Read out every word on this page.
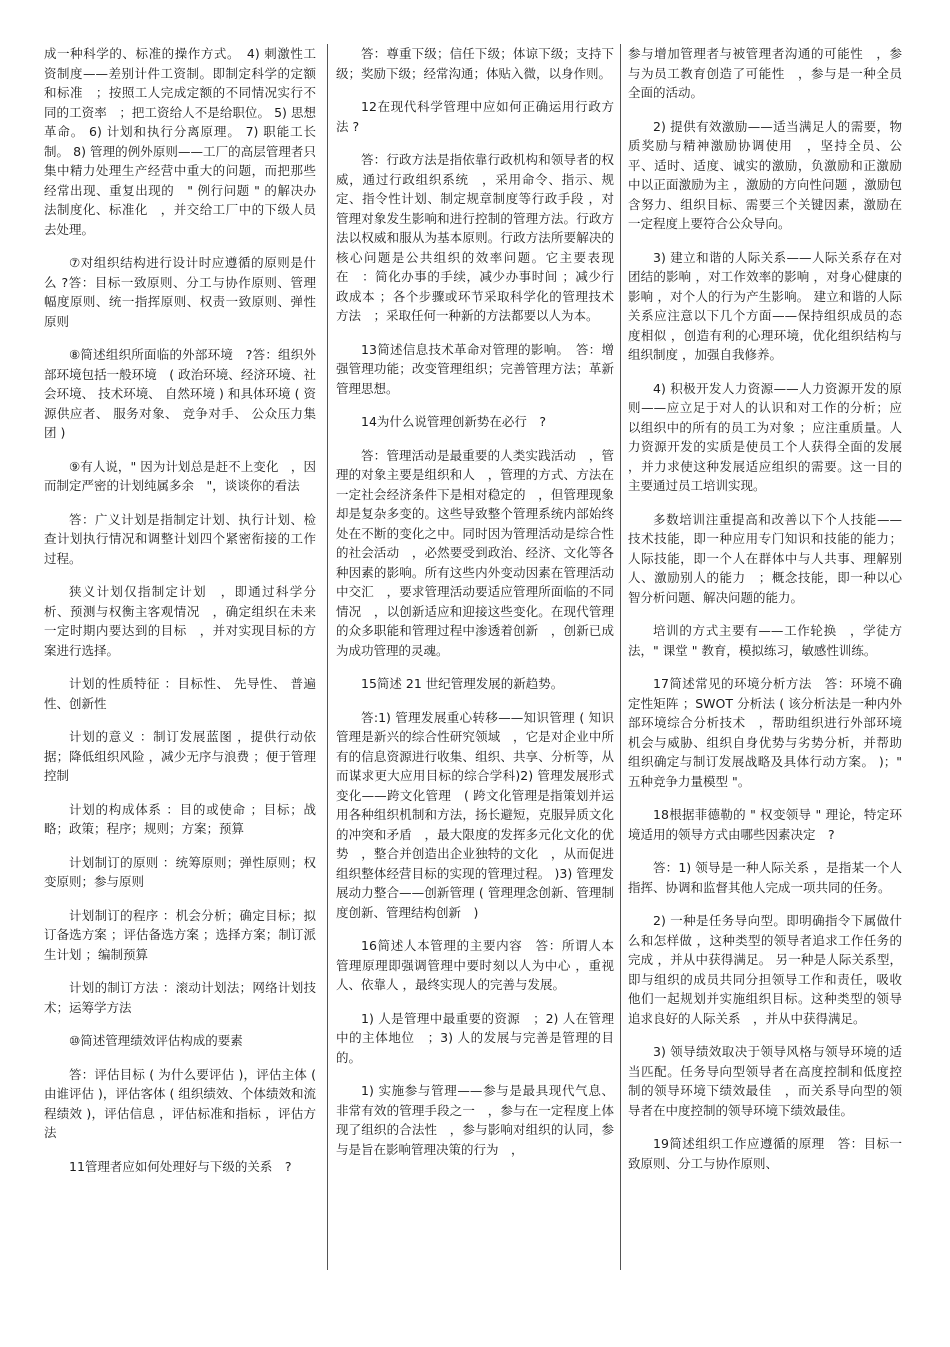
成一种科学的、标准的操作方式。　4) 刺激性工资制度——差别计件工资制。即制定科学的定额和标准　；按照工人完成定额的不同情况实行不同的工资率　；把工资给人不是给职位。 5) 思想革命。 6) 计划和执行分离原理。 7) 职能工长制。 8) 管理的例外原则——工厂的高层管理者只集中精力处理生产经营中重大的问题，而把那些经常出现、重复出现的　" 例行问题 " 的解决办法制度化、标准化　，并交给工厂中的下级人员去处理。

⑦对组织结构进行设计时应遵循的原则是什么 ?答：目标一致原则、分工与协作原则、管理幅度原则、统一指挥原则、权责一致原则、弹性原则

⑧简述组织所面临的外部环境　?答：组织外部环境包括一般环境　( 政治环境、经济环境、社会环境、 技术环境、 自然环境 ) 和具体环境 ( 资源供应者、 服务对象、 竞争对手、 公众压力集团 )

⑨有人说，" 因为计划总是赶不上变化　，因而制定严密的计划纯属多余　"，谈谈你的看法

答：广义计划是指制定计划、执行计划、检查计划执行情况和调整计划四个紧密衔接的工作过程。

狭义计划仅指制定计划　，即通过科学分析、预测与权衡主客观情况　，确定组织在未来一定时期内要达到的目标　，并对实现目标的方案进行选择。

计划的性质特征 ：目标性、 先导性、 普遍性、创新性

计划的意义 ：制订发展蓝图 ，提供行动依据；降低组织风险 ，减少无序与浪费 ；便于管理控制

计划的构成体系 ：目的或使命 ；目标；战略；政策；程序；规则；方案；预算

计划制订的原则 ：统筹原则；弹性原则；权变原则；参与原则

计划制订的程序 ：机会分析；确定目标；拟订备选方案 ；评估备选方案 ；选择方案；制订派生计划 ；编制预算

计划的制订方法 ：滚动计划法；网络计划技术；运筹学方法

⑩简述管理绩效评估构成的要素

答：评估目标 ( 为什么要评估 )，评估主体 ( 由谁评估 )，评估客体 ( 组织绩效、个体绩效和流程绩效 )，评估信息 ，评估标准和指标 ，评估方法

11管理者应如何处理好与下级的关系　?

答：尊重下级；信任下级；体谅下级；支持下级；奖励下级；经常沟通；体贴入微，以身作则。

12在现代科学管理中应如何正确运用行政方法 ?

答：行政方法是指依靠行政机构和领导者的权威，通过行政组织系统　，采用命令、指示、规定、指令性计划、制定规章制度等行政手段 ，对管理对象发生影响和进行控制的管理方法。行政方法以权威和服从为基本原则。行政方法所要解决的核心问题是公共组织的效率问题。它主要表现在　：简化办事的手续，减少办事时间 ；减少行政成本 ；各个步骤或环节采取科学化的管理技术方法　；采取任何一种新的方法都要以人为本。

13简述信息技术革命对管理的影响。　答：增强管理功能；改变管理组织；完善管理方法；革新管理思想。

14为什么说管理创新势在必行　?

答：管理活动是最重要的人类实践活动　，管理的对象主要是组织和人　，管理的方式、方法在一定社会经济条件下是相对稳定的　，但管理现象却是复杂多变的。这些导致整个管理系统内部始终处在不断的变化之中。同时因为管理活动是综合性的社会活动　，必然要受到政治、经济、文化等各种因素的影响。所有这些内外变动因素在管理活动中交汇　，要求管理活动要适应管理所面临的不同情况　，以创新适应和迎接这些变化。在现代管理的众多职能和管理过程中渗透着创新　，创新已成为成功管理的灵魂。

15简述 21 世纪管理发展的新趋势。

答:1) 管理发展重心转移——知识管理 ( 知识管理是新兴的综合性研究领域　，它是对企业中所有的信息资源进行收集、组织、共享、分析等，从而谋求更大应用目标的综合学科)2) 管理发展形式变化——跨文化管理　( 跨文化管理是指策划并运用各种组织机制和方法，扬长避短，克服异质文化的冲突和矛盾　，最大限度的发挥多元化文化的优势　，整合并创造出企业独特的文化　，从而促进组织整体经营目标的实现的管理过程。 )3) 管理发展动力整合——创新管理 ( 管理理念创新、管理制度创新、管理结构创新　)

16简述人本管理的主要内容　答：所谓人本管理原理即强调管理中要时刻以人为中心 ，重视人、依靠人 ，最终实现人的完善与发展。

1) 人是管理中最重要的资源　；2) 人在管理中的主体地位　；3) 人的发展与完善是管理的目的。

1) 实施参与管理——参与是最具现代气息、非常有效的管理手段之一　，参与在一定程度上体现了组织的合法性　，参与影响对组织的认同，参与是旨在影响管理决策的行为　，

参与增加管理者与被管理者沟通的可能性　，参与为员工教育创造了可能性　，参与是一种全员全面的活动。

2) 提供有效激励——适当满足人的需要，物质奖励与精神激励协调使用　，坚持全员、公平、适时、适度、诚实的激励，负激励和正激励中以正面激励为主 ，激励的方向性问题 ，激励包含努力、组织目标、需要三个关键因素，激励在一定程度上要符合公众导向。

3) 建立和谐的人际关系——人际关系存在对团结的影响 ，对工作效率的影响 ，对身心健康的影响 ，对个人的行为产生影响。 建立和谐的人际关系应注意以下几个方面——保持组织成员的态度相似 ，创造有利的心理环境，优化组织结构与组织制度 ，加强自我修养。

4) 积极开发人力资源——人力资源开发的原则——应立足于对人的认识和对工作的分析；应以组织中的所有的员工为对象 ；应注重质量。人力资源开发的实质是使员工个人获得全面的发展 ，并力求使这种发展适应组织的需要。这一目的主要通过员工培训实现。

多数培训注重提高和改善以下个人技能——技术技能，即一种应用专门知识和技能的能力；人际技能，即一个人在群体中与人共事、理解别人、激励别人的能力　；概念技能，即一种以心智分析问题、解决问题的能力。

培训的方式主要有——工作轮换　，学徒方法，" 课堂 " 教育，模拟练习，敏感性训练。

17简述常见的环境分析方法　答：环境不确定性矩阵 ；SWOT 分析法 ( 该分析法是一种内外部环境综合分析技术　，帮助组织进行外部环境机会与威胁、组织自身优势与劣势分析，并帮助组织确定与制订发展战略及具体行动方案。 )；" 五种竞争力量模型 "。

18根据菲德勒的 " 权变领导 " 理论，特定环境适用的领导方式由哪些因素决定　?

答：1) 领导是一种人际关系 ，是指某一个人指挥、协调和监督其他人完成一项共同的任务。

2) 一种是任务导向型。即明确指令下属做什么和怎样做 ，这种类型的领导者追求工作任务的完成 ，并从中获得满足。 另一种是人际关系型，即与组织的成员共同分担领导工作和责任，吸收他们一起规划并实施组织目标。这种类型的领导追求良好的人际关系　，并从中获得满足。

3) 领导绩效取决于领导风格与领导环境的适当匹配。任务导向型领导者在高度控制和低度控制的领导环境下绩效最佳　，而关系导向型的领导者在中度控制的领导环境下绩效最佳。

19简述组织工作应遵循的原理　答：目标一致原则、分工与协作原则、
